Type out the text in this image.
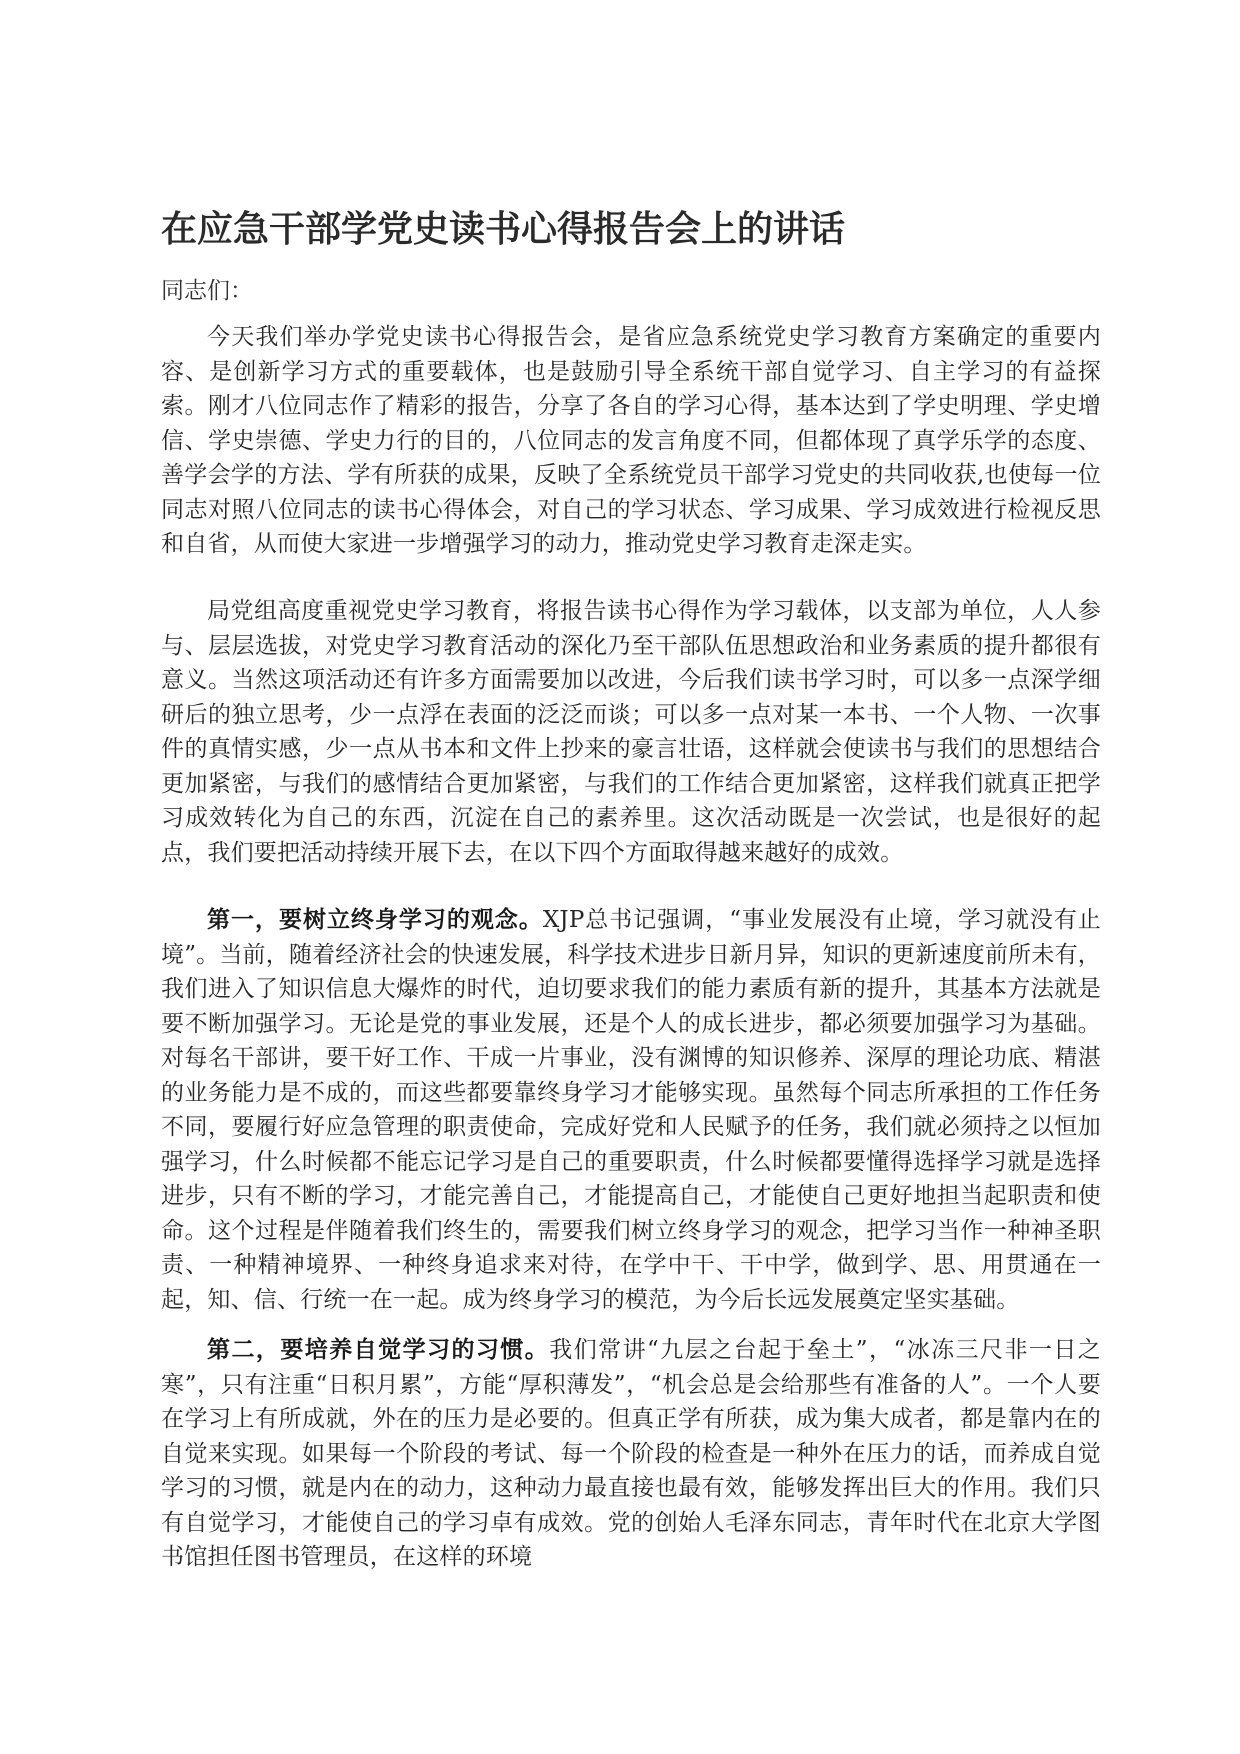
在应急干部学党史读书心得报告会上的讲话

同志们：

今天我们举办学党史读书心得报告会，是省应急系统党史学习教育方案确定的重要内容、是创新学习方式的重要载体，也是鼓励引导全系统干部自觉学习、自主学习的有益探索。刚才八位同志作了精彩的报告，分享了各自的学习心得，基本达到了学史明理、学史增信、学史崇德、学史力行的目的，八位同志的发言角度不同，但都体现了真学乐学的态度、善学会学的方法、学有所获的成果，反映了全系统党员干部学习党史的共同收获,也使每一位同志对照八位同志的读书心得体会，对自己的学习状态、学习成果、学习成效进行检视反思和自省，从而使大家进一步增强学习的动力，推动党史学习教育走深走实。

局党组高度重视党史学习教育，将报告读书心得作为学习载体，以支部为单位，人人参与、层层选拔，对党史学习教育活动的深化乃至干部队伍思想政治和业务素质的提升都很有意义。当然这项活动还有许多方面需要加以改进，今后我们读书学习时，可以多一点深学细研后的独立思考，少一点浮在表面的泛泛而谈；可以多一点对某一本书、一个人物、一次事件的真情实感，少一点从书本和文件上抄来的豪言壮语，这样就会使读书与我们的思想结合更加紧密，与我们的感情结合更加紧密，与我们的工作结合更加紧密，这样我们就真正把学习成效转化为自己的东西，沉淀在自己的素养里。这次活动既是一次尝试，也是很好的起点，我们要把活动持续开展下去，在以下四个方面取得越来越好的成效。

第一，要树立终身学习的观念。XJP总书记强调，“事业发展没有止境，学习就没有止境”。当前，随着经济社会的快速发展，科学技术进步日新月异，知识的更新速度前所未有，我们进入了知识信息大爆炸的时代，迫切要求我们的能力素质有新的提升，其基本方法就是要不断加强学习。无论是党的事业发展，还是个人的成长进步，都必须要加强学习为基础。对每名干部讲，要干好工作、干成一片事业，没有渊博的知识修养、深厚的理论功底、精湛的业务能力是不成的，而这些都要靠终身学习才能够实现。虽然每个同志所承担的工作任务不同，要履行好应急管理的职责使命，完成好党和人民赋予的任务，我们就必须持之以恒加强学习，什么时候都不能忘记学习是自己的重要职责，什么时候都要懂得选择学习就是选择进步，只有不断的学习，才能完善自己，才能提高自己，才能使自己更好地担当起职责和使命。这个过程是伴随着我们终生的，需要我们树立终身学习的观念，把学习当作一种神圣职责、一种精神境界、一种终身追求来对待，在学中干、干中学，做到学、思、用贯通在一起，知、信、行统一在一起。成为终身学习的模范，为今后长远发展奠定坚实基础。

第二，要培养自觉学习的习惯。我们常讲“九层之台起于垒土”，“冰冻三尺非一日之寒”，只有注重“日积月累”，方能“厚积薄发”，“机会总是会给那些有准备的人”。一个人要在学习上有所成就，外在的压力是必要的。但真正学有所获，成为集大成者，都是靠内在的自觉来实现。如果每一个阶段的考试、每一个阶段的检查是一种外在压力的话，而养成自觉学习的习惯，就是内在的动力，这种动力最直接也最有效，能够发挥出巨大的作用。我们只有自觉学习，才能使自己的学习卓有成效。党的创始人毛泽东同志，青年时代在北京大学图书馆担任图书管理员，在这样的环境
